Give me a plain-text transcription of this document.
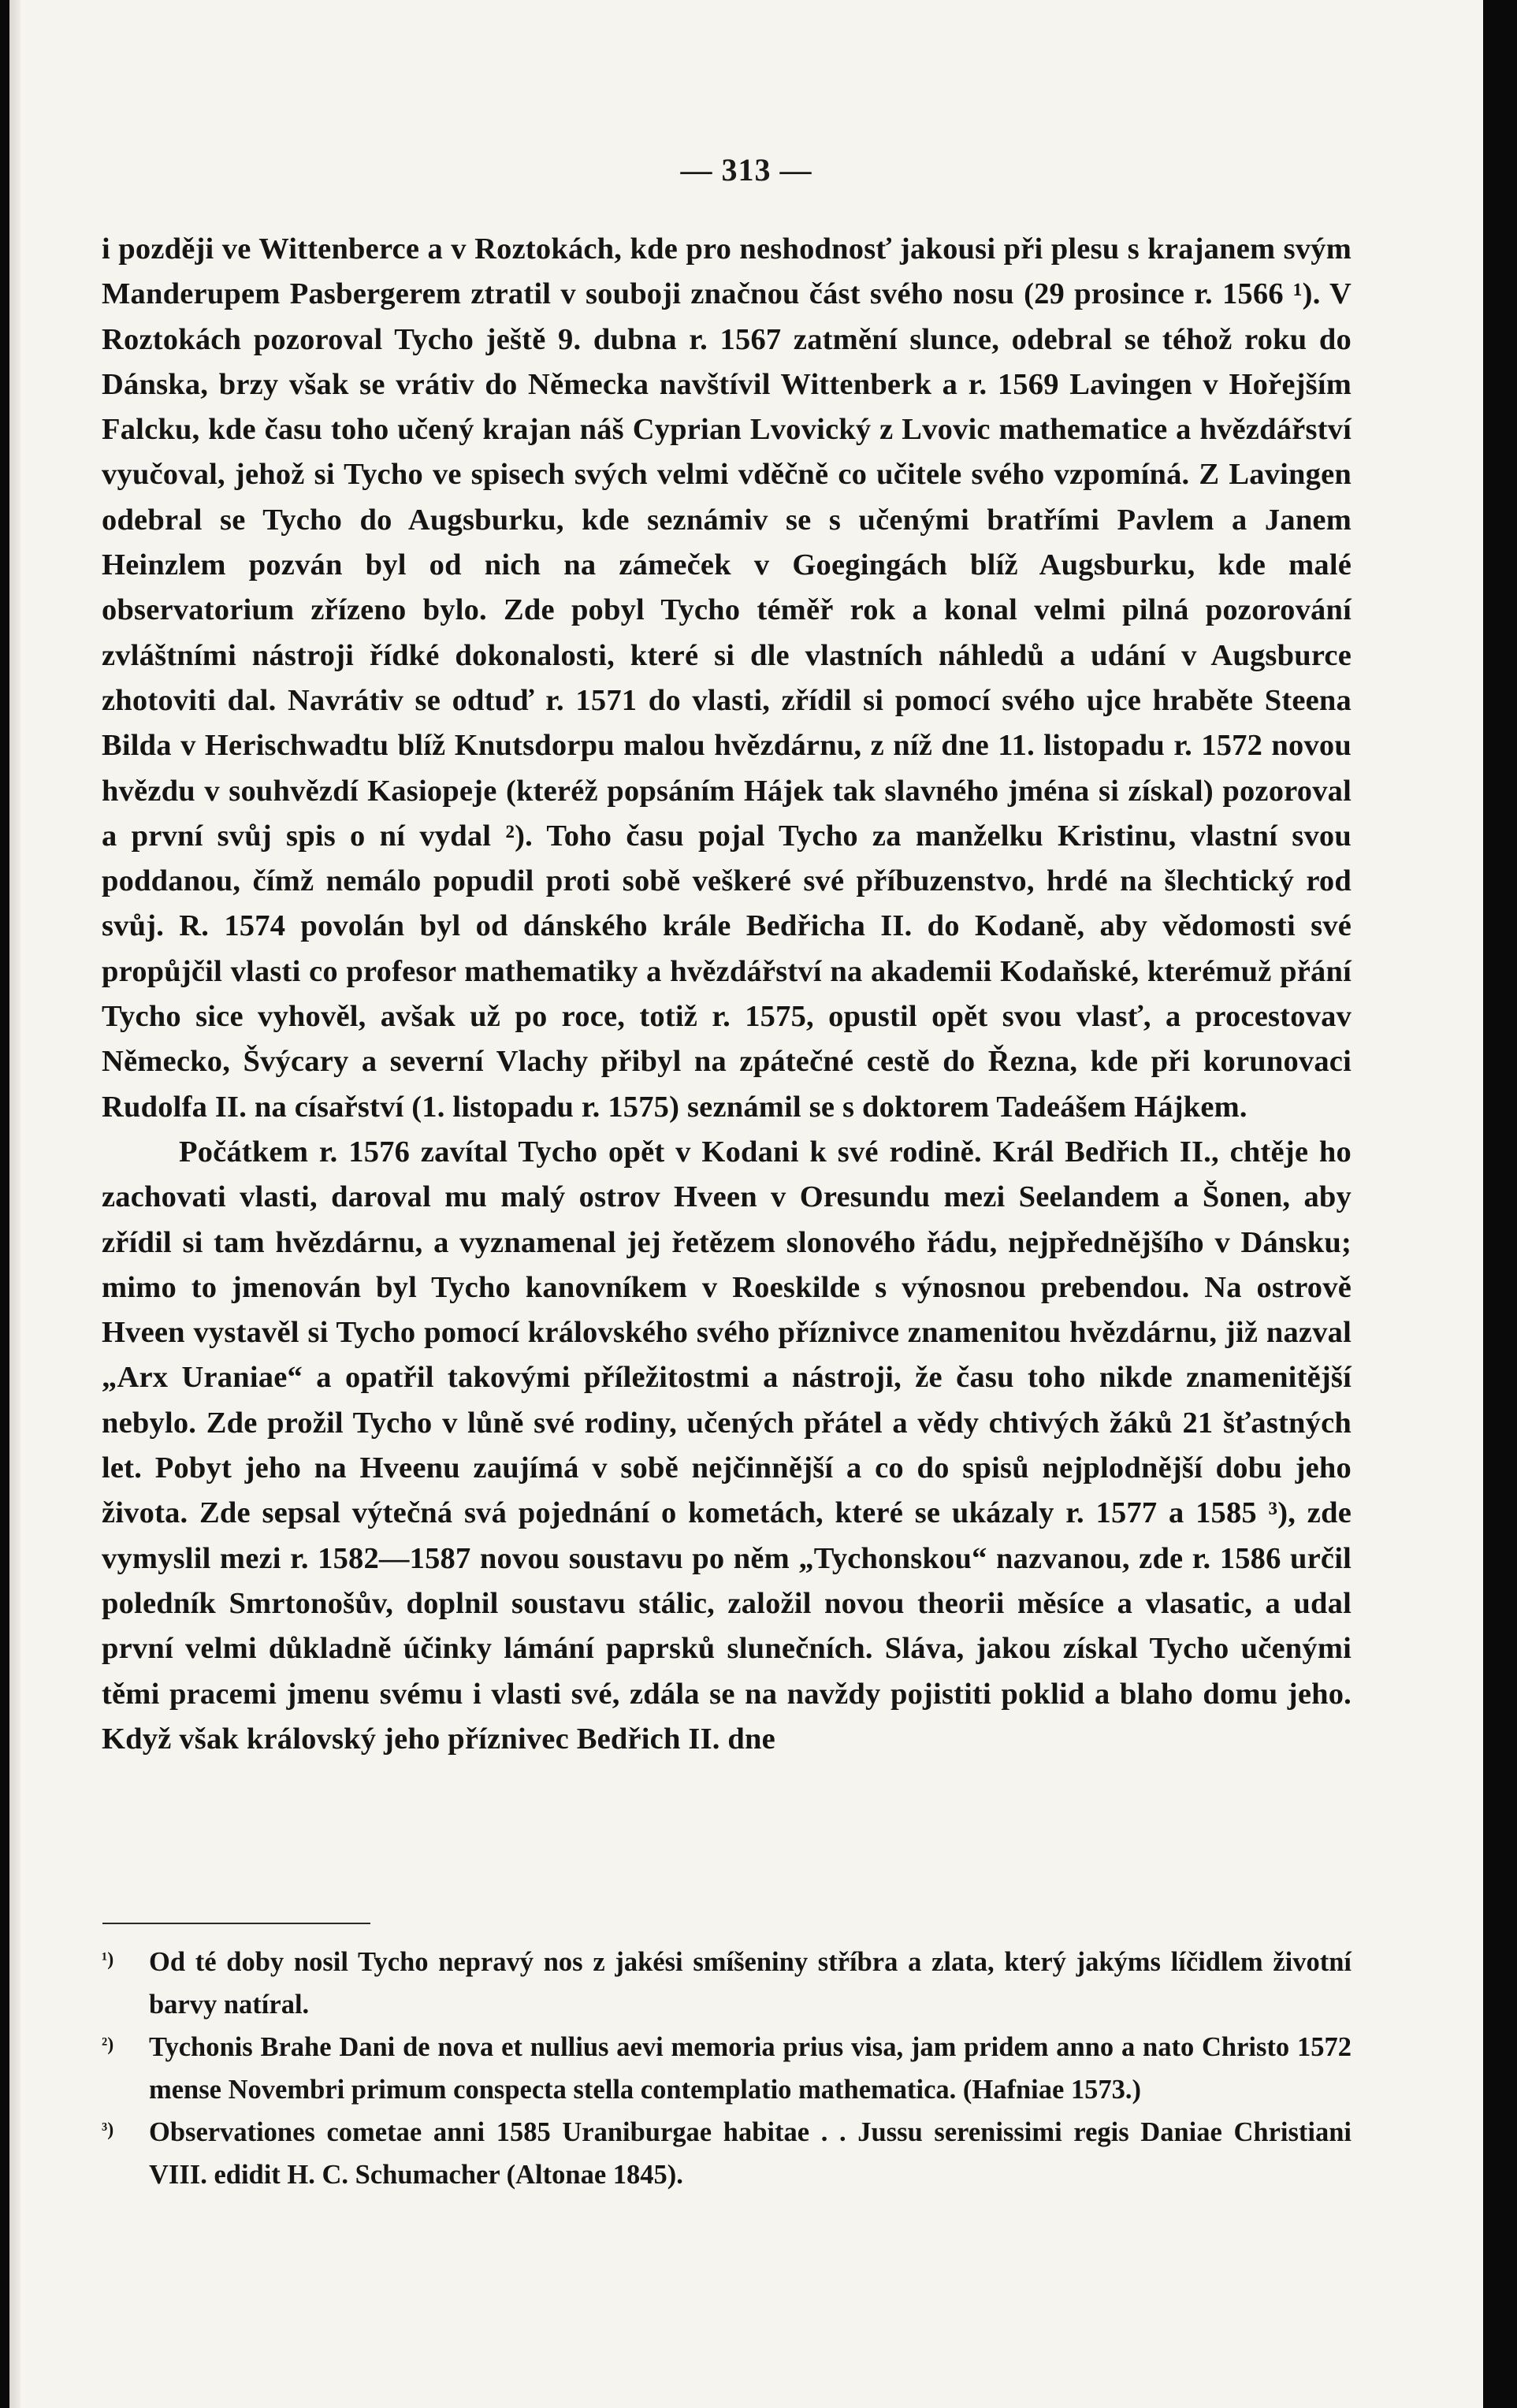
— 313 —

i později ve Wittenberce a v Roztokách, kde pro neshodnosť jakousi při plesu s krajanem svým Manderupem Pasbergerem ztratil v souboji značnou část svého nosu (29 prosince r. 1566 ¹). V Roztokách pozoroval Tycho ještě 9. dubna r. 1567 zatmění slunce, odebral se téhož roku do Dánska, brzy však se vrátiv do Německa navštívil Wittenberk a r. 1569 Lavingen v Hořejším Falcku, kde času toho učený krajan náš Cyprian Lvovický z Lvovic mathematice a hvězdářství vyučoval, jehož si Tycho ve spisech svých velmi vděčně co učitele svého vzpomíná. Z Lavingen odebral se Tycho do Augsburku, kde seznámiv se s učenými bratřími Pavlem a Janem Heinzlem pozván byl od nich na zámeček v Goegingách blíž Augsburku, kde malé observatorium zřízeno bylo. Zde pobyl Tycho téměř rok a konal velmi pilná pozorování zvláštními nástroji řídké dokonalosti, které si dle vlastních náhledů a udání v Augsburce zhotoviti dal. Navrátiv se odtuď r. 1571 do vlasti, zřídil si pomocí svého ujce hraběte Steena Bilda v Herischwadtu blíž Knutsdorpu malou hvězdárnu, z níž dne 11. listopadu r. 1572 novou hvězdu v souhvězdí Kasiopeje (kteréž popsáním Hájek tak slavného jména si získal) pozoroval a první svůj spis o ní vydal ²). Toho času pojal Tycho za manželku Kristinu, vlastní svou poddanou, čímž nemálo popudil proti sobě veškeré své příbuzenstvo, hrdé na šlechtický rod svůj. R. 1574 povolán byl od dánského krále Bedřicha II. do Kodaně, aby vědomosti své propůjčil vlasti co profesor mathematiky a hvězdářství na akademii Kodaňské, kterémuž přání Tycho sice vyhověl, avšak už po roce, totiž r. 1575, opustil opět svou vlasť, a procestovav Německo, Švýcary a severní Vlachy přibyl na zpátečné cestě do Řezna, kde při korunovaci Rudolfa II. na císařství (1. listopadu r. 1575) seznámil se s doktorem Tadeášem Hájkem.

Počátkem r. 1576 zavítal Tycho opět v Kodani k své rodině. Král Bedřich II., chtěje ho zachovati vlasti, daroval mu malý ostrov Hveen v Oresundu mezi Seelandem a Šonen, aby zřídil si tam hvězdárnu, a vyznamenal jej řetězem slonového řádu, nejpřednějšího v Dánsku; mimo to jmenován byl Tycho kanovníkem v Roeskilde s výnosnou prebendou. Na ostrově Hveen vystavěl si Tycho pomocí královského svého příznivce znamenitou hvězdárnu, již nazval „Arx Uraniae“ a opatřil takovými příležitostmi a nástroji, že času toho nikde znamenitější nebylo. Zde prožil Tycho v lůně své rodiny, učených přátel a vědy chtivých žáků 21 šťastných let. Pobyt jeho na Hveenu zaujímá v sobě nejčinnější a co do spisů nejplodnější dobu jeho života. Zde sepsal výtečná svá pojednání o kometách, které se ukázaly r. 1577 a 1585 ³), zde vymyslil mezi r. 1582—1587 novou soustavu po něm „Tychonskou“ nazvanou, zde r. 1586 určil poledník Smrtonošův, doplnil soustavu stálic, založil novou theorii měsíce a vlasatic, a udal první velmi důkladně účinky lámání paprsků slunečních. Sláva, jakou získal Tycho učenými těmi pracemi jmenu svému i vlasti své, zdála se na navždy pojistiti poklid a blaho domu jeho. Když však královský jeho příznivec Bedřich II. dne

¹)	Od té doby nosil Tycho nepravý nos z jakési smíšeniny stříbra a zlata, který jakýms líčidlem životní barvy natíral.
²)	Tychonis Brahe Dani de nova et nullius aevi memoria prius visa, jam pridem anno a nato Christo 1572 mense Novembri primum conspecta stella contemplatio mathematica. (Hafniae 1573.)
³)	Observationes cometae anni 1585 Uraniburgae habitae . . Jussu serenissimi regis Daniae Christiani VIII. edidit H. C. Schumacher (Altonae 1845).
